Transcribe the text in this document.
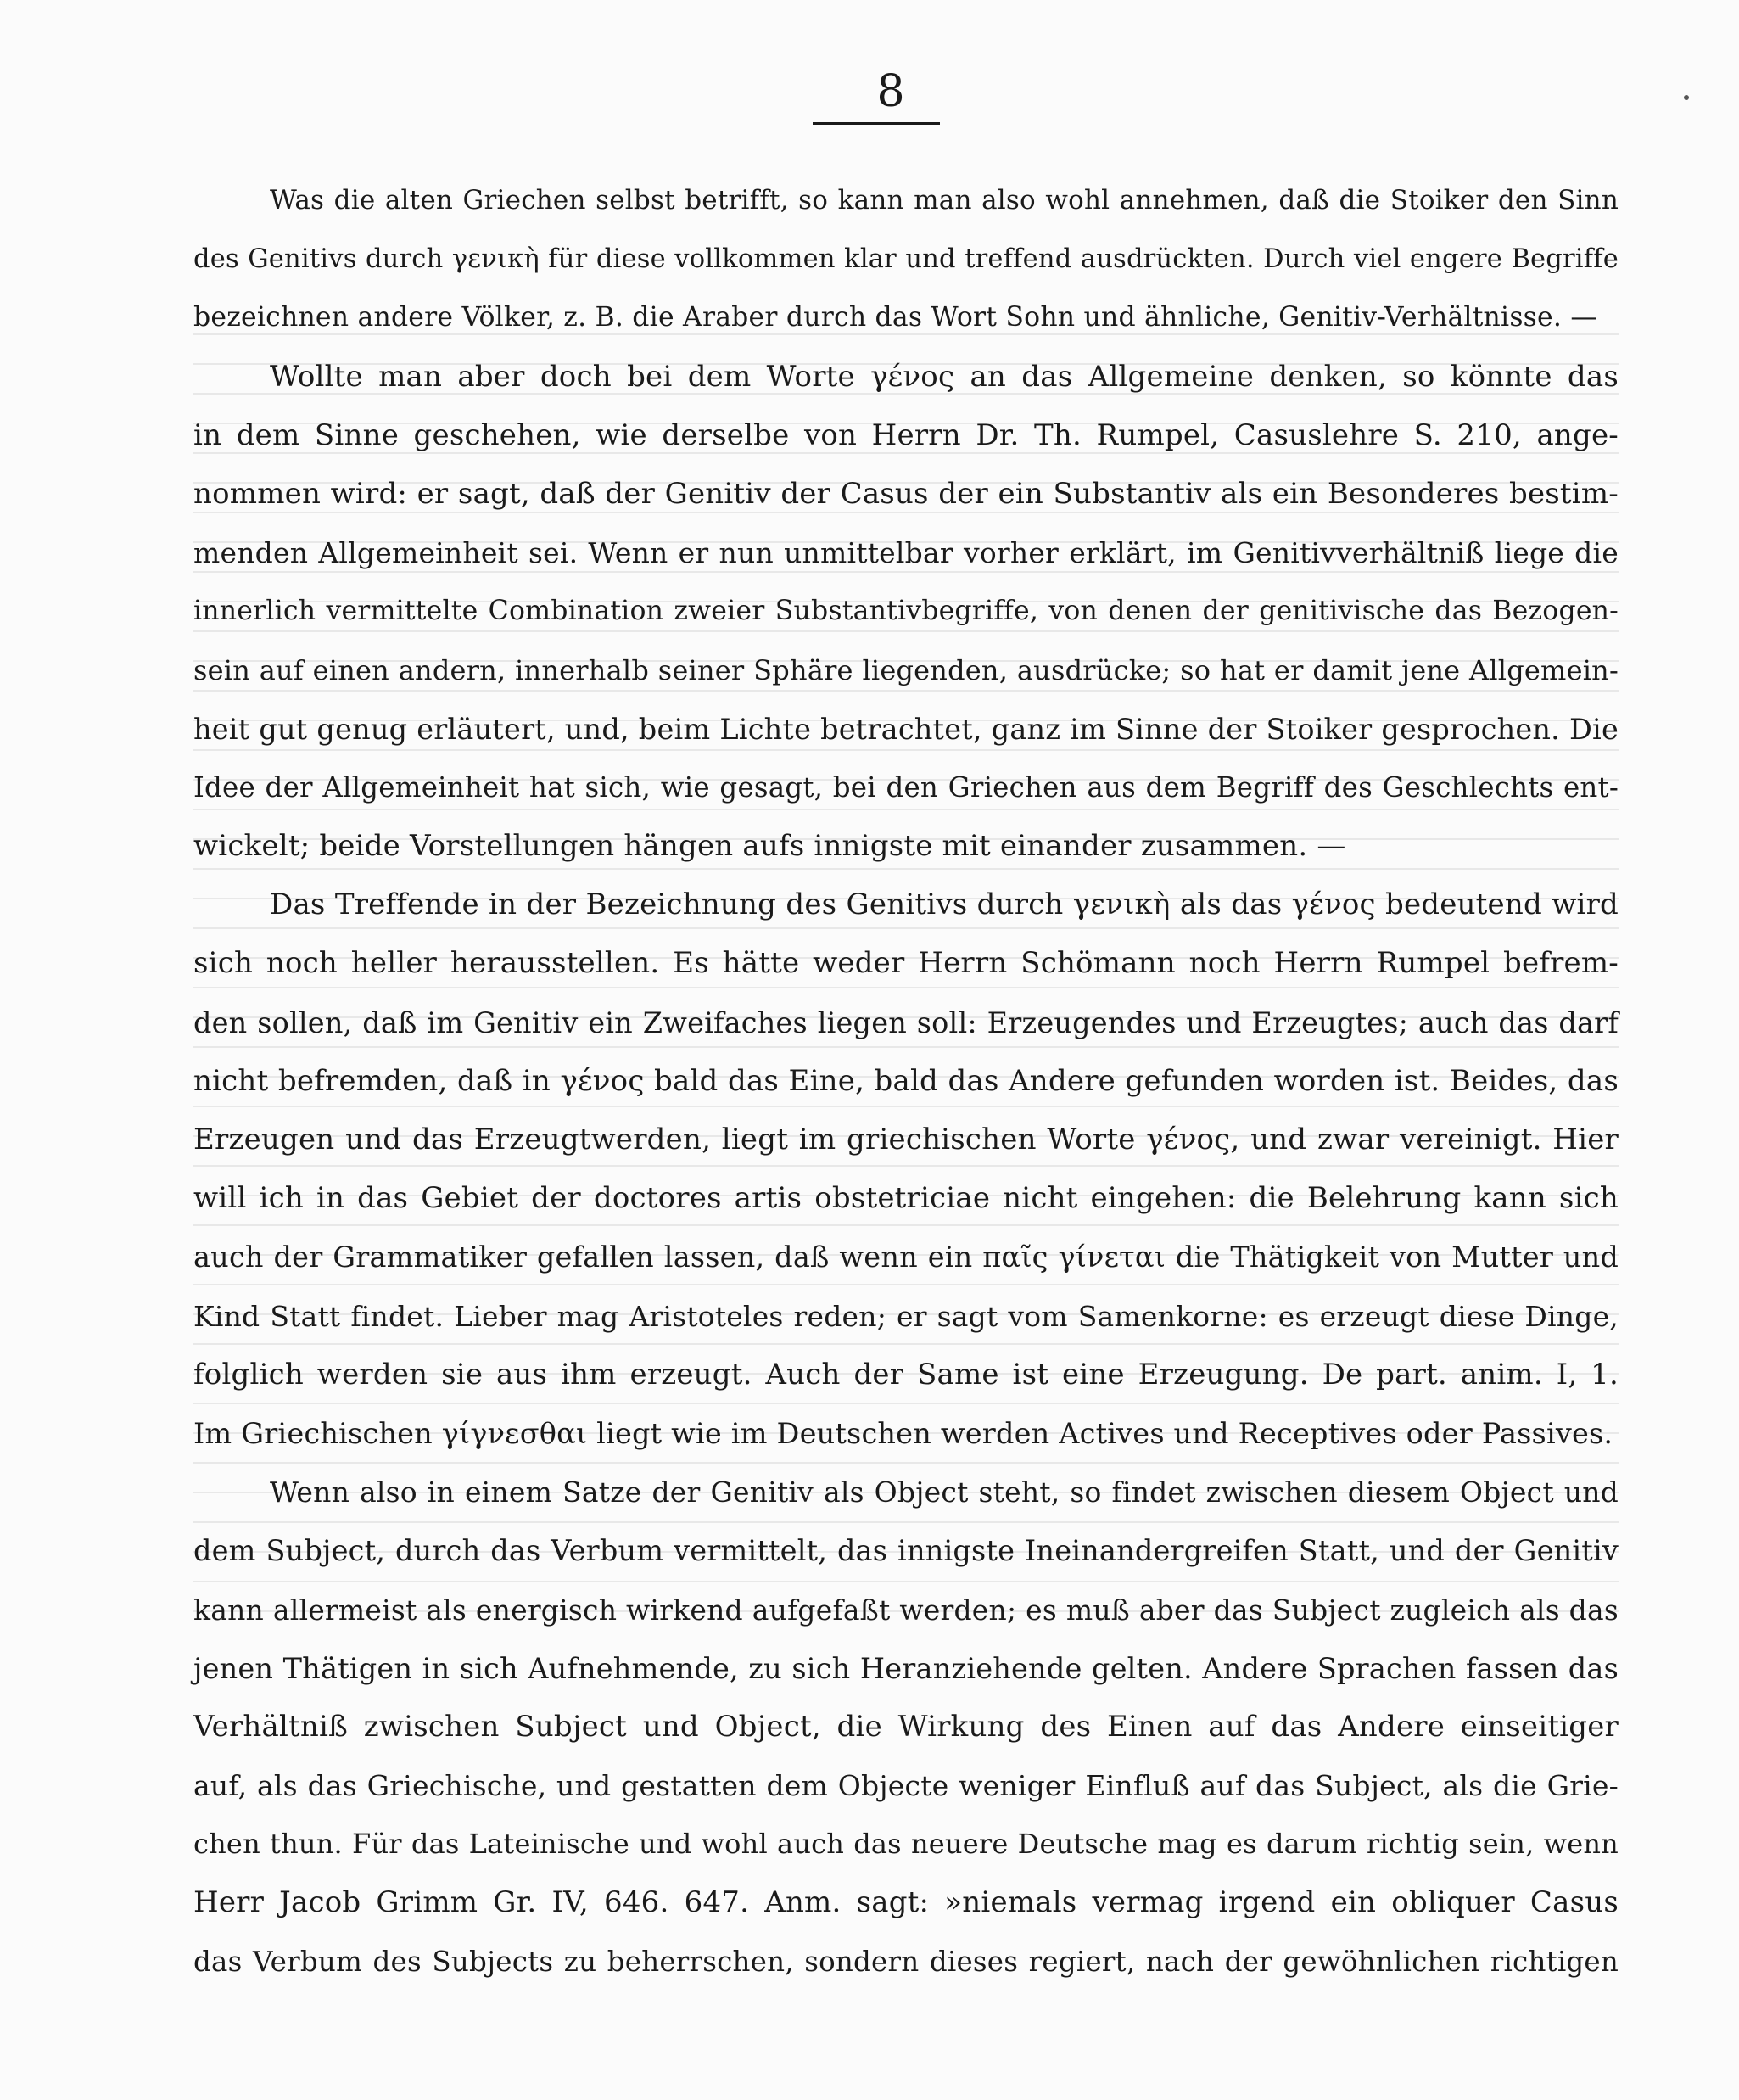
8
Was die alten Griechen selbst betrifft, so kann man also wohl annehmen, daß die Stoiker den Sinn
des Genitivs durch γενικὴ für diese vollkommen klar und treffend ausdrückten. Durch viel engere Begriffe
bezeichnen andere Völker, z. B. die Araber durch das Wort Sohn und ähnliche, Genitiv-Verhältnisse. —
Wollte man aber doch bei dem Worte γένος an das Allgemeine denken, so könnte das
in dem Sinne geschehen, wie derselbe von Herrn Dr. Th. Rumpel, Casuslehre S. 210, ange-
nommen wird: er sagt, daß der Genitiv der Casus der ein Substantiv als ein Besonderes bestim-
menden Allgemeinheit sei. Wenn er nun unmittelbar vorher erklärt, im Genitivverhältniß liege die
innerlich vermittelte Combination zweier Substantivbegriffe, von denen der genitivische das Bezogen-
sein auf einen andern, innerhalb seiner Sphäre liegenden, ausdrücke; so hat er damit jene Allgemein-
heit gut genug erläutert, und, beim Lichte betrachtet, ganz im Sinne der Stoiker gesprochen. Die
Idee der Allgemeinheit hat sich, wie gesagt, bei den Griechen aus dem Begriff des Geschlechts ent-
wickelt; beide Vorstellungen hängen aufs innigste mit einander zusammen. —
Das Treffende in der Bezeichnung des Genitivs durch γενικὴ als das γένος bedeutend wird
sich noch heller herausstellen. Es hätte weder Herrn Schömann noch Herrn Rumpel befrem-
den sollen, daß im Genitiv ein Zweifaches liegen soll: Erzeugendes und Erzeugtes; auch das darf
nicht befremden, daß in γένος bald das Eine, bald das Andere gefunden worden ist. Beides, das
Erzeugen und das Erzeugtwerden, liegt im griechischen Worte γένος, und zwar vereinigt. Hier
will ich in das Gebiet der doctores artis obstetriciae nicht eingehen: die Belehrung kann sich
auch der Grammatiker gefallen lassen, daß wenn ein παῖς γίνεται die Thätigkeit von Mutter und
Kind Statt findet. Lieber mag Aristoteles reden; er sagt vom Samenkorne: es erzeugt diese Dinge,
folglich werden sie aus ihm erzeugt. Auch der Same ist eine Erzeugung. De part. anim. I, 1.
Im Griechischen γίγνεσθαι liegt wie im Deutschen werden Actives und Receptives oder Passives.
Wenn also in einem Satze der Genitiv als Object steht, so findet zwischen diesem Object und
dem Subject, durch das Verbum vermittelt, das innigste Ineinandergreifen Statt, und der Genitiv
kann allermeist als energisch wirkend aufgefaßt werden; es muß aber das Subject zugleich als das
jenen Thätigen in sich Aufnehmende, zu sich Heranziehende gelten. Andere Sprachen fassen das
Verhältniß zwischen Subject und Object, die Wirkung des Einen auf das Andere einseitiger
auf, als das Griechische, und gestatten dem Objecte weniger Einfluß auf das Subject, als die Grie-
chen thun. Für das Lateinische und wohl auch das neuere Deutsche mag es darum richtig sein, wenn
Herr Jacob Grimm Gr. IV, 646. 647. Anm. sagt: »niemals vermag irgend ein obliquer Casus
das Verbum des Subjects zu beherrschen, sondern dieses regiert, nach der gewöhnlichen richtigen
